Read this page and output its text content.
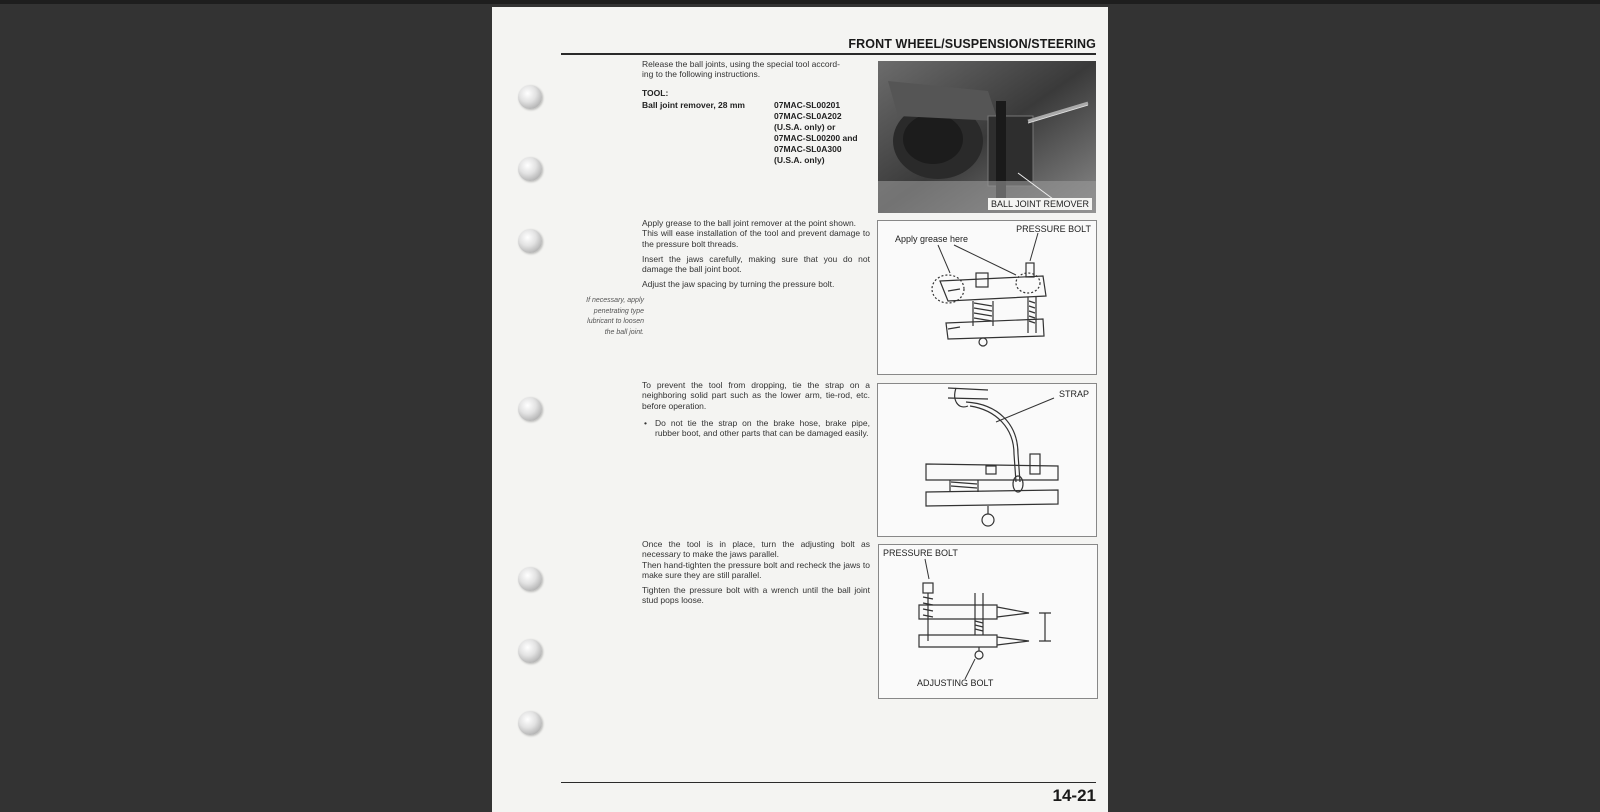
FRONT WHEEL/SUSPENSION/STEERING
Release the ball joints, using the special tool accord-
ing to the following instructions.
TOOL:
Ball joint remover, 28 mm	07MAC-SL00201
07MAC-SL0A202
(U.S.A. only) or
07MAC-SL00200 and
07MAC-SL0A300
(U.S.A. only)
BALL JOINT REMOVER

Apply grease to the ball joint remover at the point shown.

This will ease installation of the tool and prevent damage to the pressure bolt threads.

Insert the jaws carefully, making sure that you do not damage the ball joint boot.

Adjust the jaw spacing by turning the pressure bolt.

If necessary, apply
penetrating type
lubricant to loosen
the ball joint.
Apply grease here
PRESSURE BOLT

To prevent the tool from dropping, tie the strap on a neighboring solid part such as the lower arm, tie-rod, etc. before operation.

• Do not tie the strap on the brake hose, brake pipe, rubber boot, and other parts that can be damaged easily.
STRAP

Once the tool is in place, turn the adjusting bolt as necessary to make the jaws parallel.

Then hand-tighten the pressure bolt and recheck the jaws to make sure they are still parallel.

Tighten the pressure bolt with a wrench until the ball joint stud pops loose.

PRESSURE BOLT
ADJUSTING BOLT
14-21
